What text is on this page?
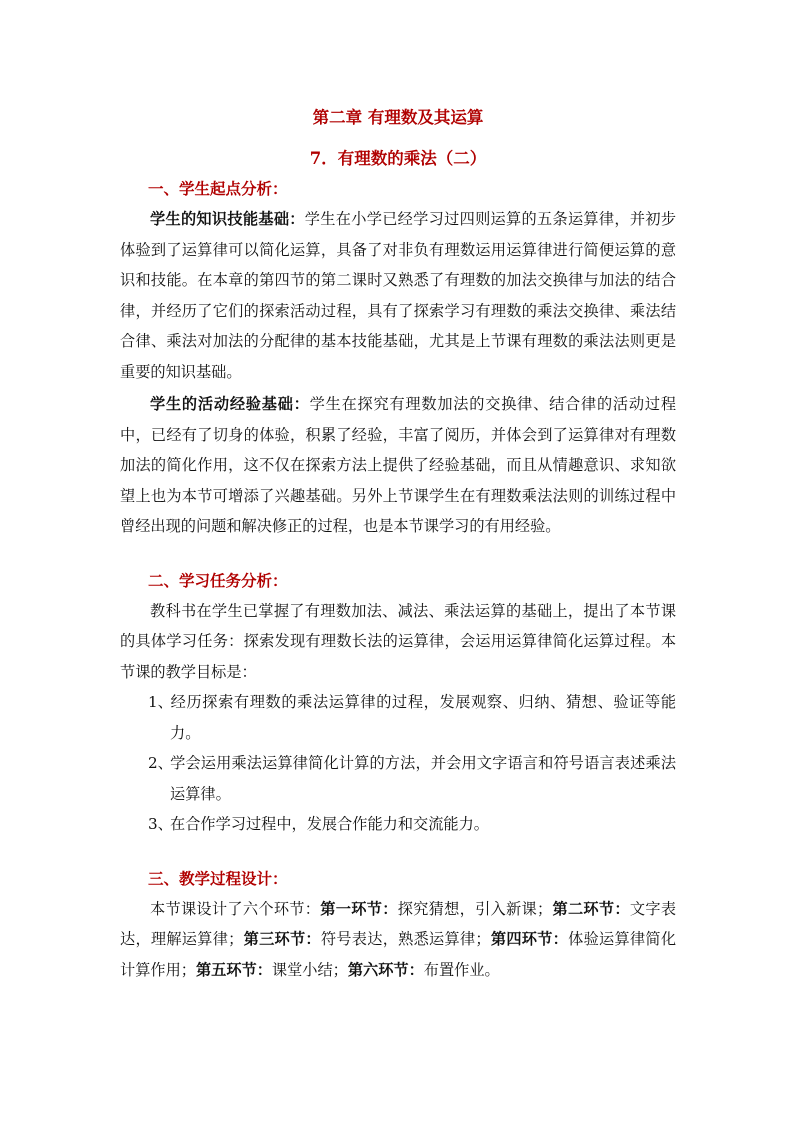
第二章 有理数及其运算
7．有理数的乘法（二）
一、学生起点分析：

学生的知识技能基础：学生在小学已经学习过四则运算的五条运算律，并初步体验到了运算律可以简化运算，具备了对非负有理数运用运算律进行简便运算的意识和技能。在本章的第四节的第二课时又熟悉了有理数的加法交换律与加法的结合律，并经历了它们的探索活动过程，具有了探索学习有理数的乘法交换律、乘法结合律、乘法对加法的分配律的基本技能基础，尤其是上节课有理数的乘法法则更是重要的知识基础。

学生的活动经验基础：学生在探究有理数加法的交换律、结合律的活动过程中，已经有了切身的体验，积累了经验，丰富了阅历，并体会到了运算律对有理数加法的简化作用，这不仅在探索方法上提供了经验基础，而且从情趣意识、求知欲望上也为本节可增添了兴趣基础。另外上节课学生在有理数乘法法则的训练过程中曾经出现的问题和解决修正的过程，也是本节课学习的有用经验。

二、学习任务分析：

教科书在学生已掌握了有理数加法、减法、乘法运算的基础上，提出了本节课的具体学习任务：探索发现有理数长法的运算律，会运用运算律简化运算过程。本节课的教学目标是：

1、经历探索有理数的乘法运算律的过程，发展观察、归纳、猜想、验证等能力。
2、学会运用乘法运算律简化计算的方法，并会用文字语言和符号语言表述乘法运算律。
3、在合作学习过程中，发展合作能力和交流能力。
三、教学过程设计：

本节课设计了六个环节：第一环节：探究猜想，引入新课；第二环节：文字表达，理解运算律；第三环节：符号表达，熟悉运算律；第四环节：体验运算律简化计算作用；第五环节：课堂小结；第六环节：布置作业。
